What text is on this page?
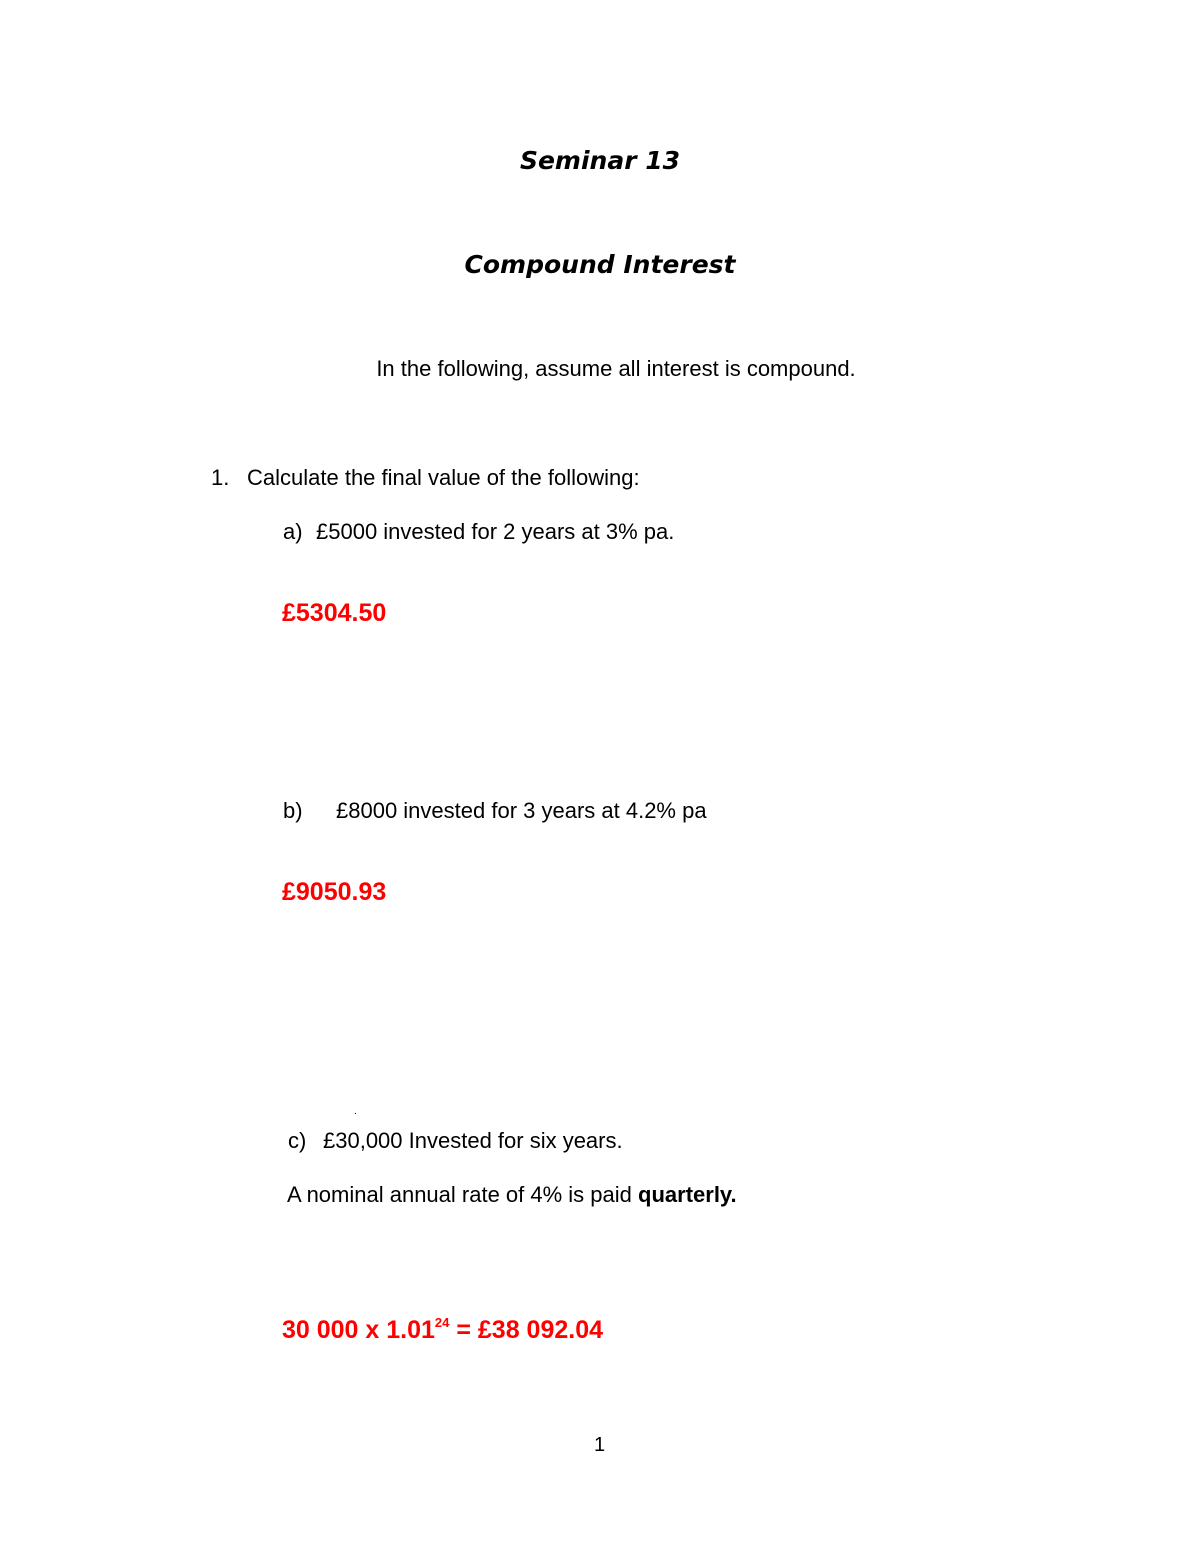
Seminar 13
Compound Interest
In the following, assume all interest is compound.
1. Calculate the final value of the following:
a) £5000 invested for 2 years at 3% pa.
£5304.50
b) £8000 invested for 3 years at 4.2% pa
£9050.93
.
c) £30,000 Invested for six years.
A nominal annual rate of 4% is paid quarterly.
30 000 x $1.01^{24}$ = £38 092.04
1
